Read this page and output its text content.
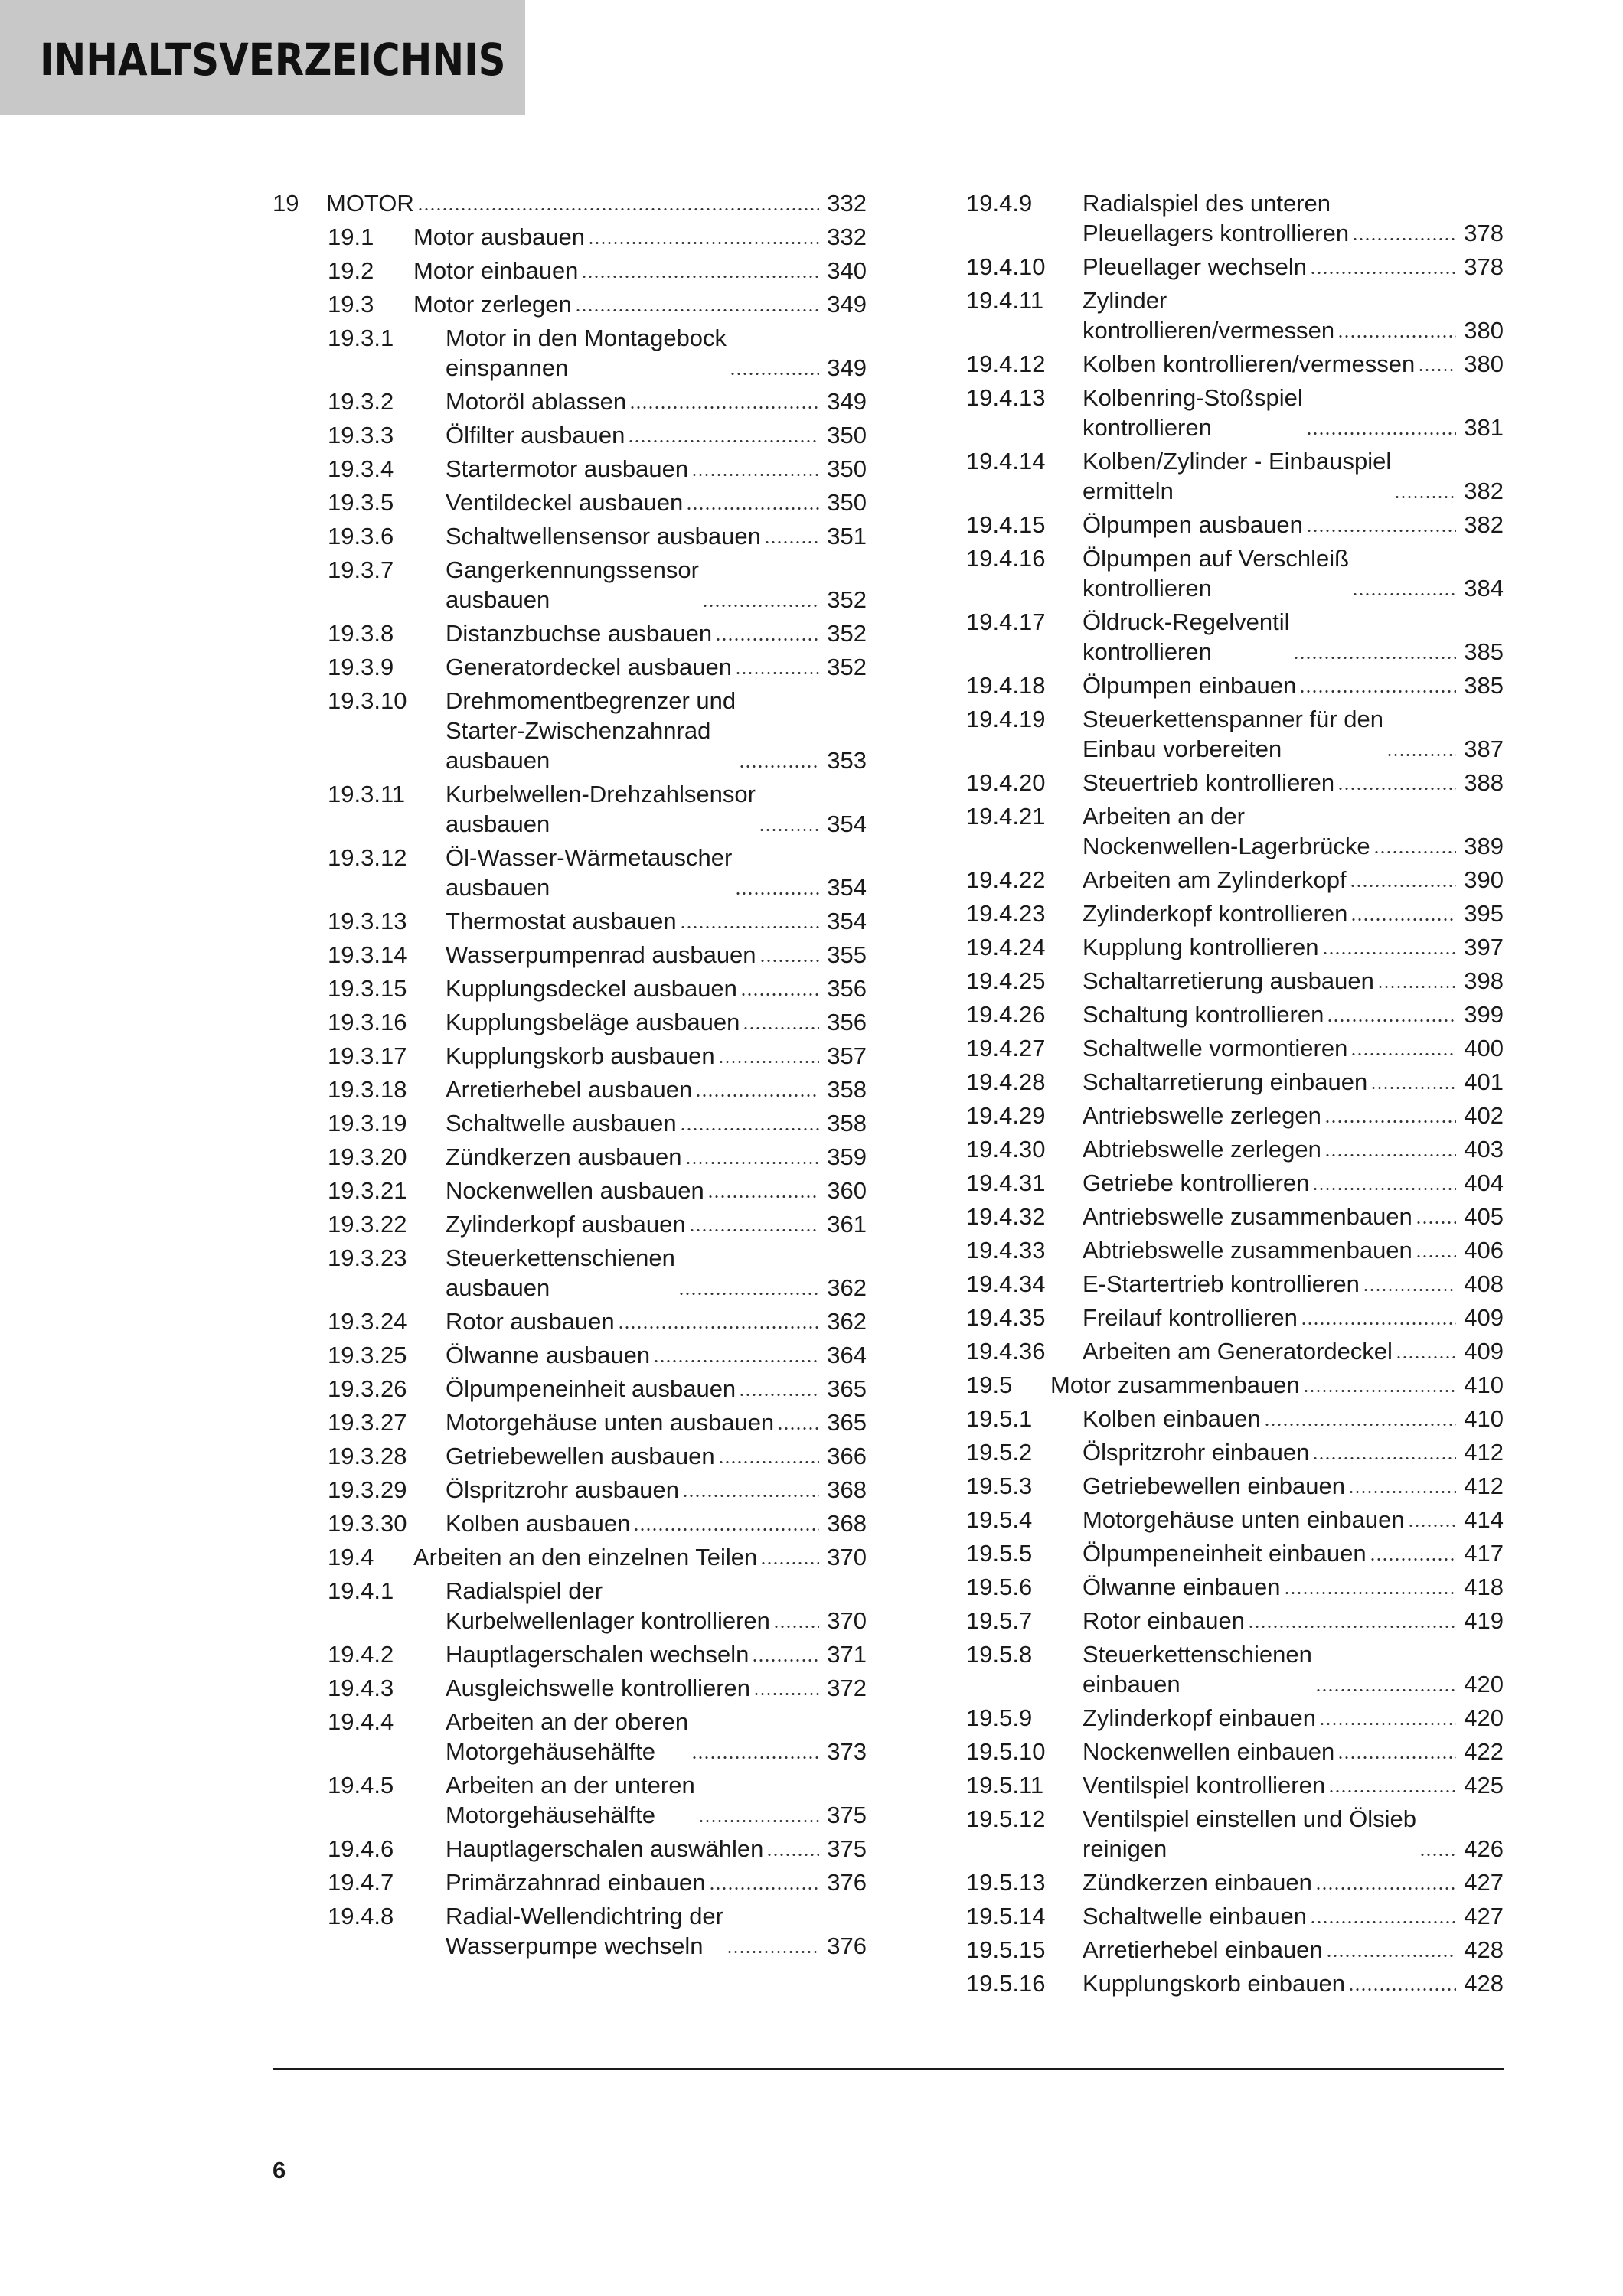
INHALTSVERZEICHNIS
19	MOTOR	332
19.1	Motor ausbauen	332
19.2	Motor einbauen	340
19.3	Motor zerlegen	349
19.3.1	Motor in den Montagebock
einspannen	349
19.3.2	Motoröl ablassen	349
19.3.3	Ölfilter ausbauen	350
19.3.4	Startermotor ausbauen	350
19.3.5	Ventildeckel ausbauen	350
19.3.6	Schaltwellensensor ausbauen	351
19.3.7	Gangerkennungssensor
ausbauen	352
19.3.8	Distanzbuchse ausbauen	352
19.3.9	Generatordeckel ausbauen	352
19.3.10	Drehmomentbegrenzer und
Starter-Zwischenzahnrad
ausbauen	353
19.3.11	Kurbelwellen-Drehzahlsensor
ausbauen	354
19.3.12	Öl-Wasser-Wärmetauscher
ausbauen	354
19.3.13	Thermostat ausbauen	354
19.3.14	Wasserpumpenrad ausbauen	355
19.3.15	Kupplungsdeckel ausbauen	356
19.3.16	Kupplungsbeläge ausbauen	356
19.3.17	Kupplungskorb ausbauen	357
19.3.18	Arretierhebel ausbauen	358
19.3.19	Schaltwelle ausbauen	358
19.3.20	Zündkerzen ausbauen	359
19.3.21	Nockenwellen ausbauen	360
19.3.22	Zylinderkopf ausbauen	361
19.3.23	Steuerkettenschienen
ausbauen	362
19.3.24	Rotor ausbauen	362
19.3.25	Ölwanne ausbauen	364
19.3.26	Ölpumpeneinheit ausbauen	365
19.3.27	Motorgehäuse unten ausbauen 365
19.3.28	Getriebewellen ausbauen	366
19.3.29	Ölspritzrohr ausbauen	368
19.3.30	Kolben ausbauen	368
19.4	Arbeiten an den einzelnen Teilen	370
19.4.1	Radialspiel der
Kurbelwellenlager kontrollieren 370
19.4.2	Hauptlagerschalen wechseln	371
19.4.3	Ausgleichswelle kontrollieren	372
19.4.4	Arbeiten an der oberen
Motorgehäusehälfte	373
19.4.5	Arbeiten an der unteren
Motorgehäusehälfte	375
19.4.6	Hauptlagerschalen auswählen	375
19.4.7	Primärzahnrad einbauen	376
19.4.8	Radial-Wellendichtring der
Wasserpumpe wechseln	376
19.4.9	Radialspiel des unteren
Pleuellagers kontrollieren	378
19.4.10	Pleuellager wechseln	378
19.4.11	Zylinder
kontrollieren/vermessen	380
19.4.12	Kolben kontrollieren/vermessen 380
19.4.13	Kolbenring-Stoßspiel
kontrollieren	381
19.4.14	Kolben/Zylinder - Einbauspiel
ermitteln	382
19.4.15	Ölpumpen ausbauen	382
19.4.16	Ölpumpen auf Verschleiß
kontrollieren	384
19.4.17	Öldruck-Regelventil
kontrollieren	385
19.4.18	Ölpumpen einbauen	385
19.4.19	Steuerkettenspanner für den
Einbau vorbereiten	387
19.4.20	Steuertrieb kontrollieren	388
19.4.21	Arbeiten an der
Nockenwellen-Lagerbrücke	389
19.4.22	Arbeiten am Zylinderkopf	390
19.4.23	Zylinderkopf kontrollieren	395
19.4.24	Kupplung kontrollieren	397
19.4.25	Schaltarretierung ausbauen	398
19.4.26	Schaltung kontrollieren	399
19.4.27	Schaltwelle vormontieren	400
19.4.28	Schaltarretierung einbauen	401
19.4.29	Antriebswelle zerlegen	402
19.4.30	Abtriebswelle zerlegen	403
19.4.31	Getriebe kontrollieren	404
19.4.32	Antriebswelle zusammenbauen 405
19.4.33	Abtriebswelle zusammenbauen 406
19.4.34	E-Startertrieb kontrollieren	408
19.4.35	Freilauf kontrollieren	409
19.4.36	Arbeiten am Generatordeckel	409
19.5	Motor zusammenbauen	410
19.5.1	Kolben einbauen	410
19.5.2	Ölspritzrohr einbauen	412
19.5.3	Getriebewellen einbauen	412
19.5.4	Motorgehäuse unten einbauen	414
19.5.5	Ölpumpeneinheit einbauen	417
19.5.6	Ölwanne einbauen	418
19.5.7	Rotor einbauen	419
19.5.8	Steuerkettenschienen
einbauen	420
19.5.9	Zylinderkopf einbauen	420
19.5.10	Nockenwellen einbauen	422
19.5.11	Ventilspiel kontrollieren	425
19.5.12	Ventilspiel einstellen und Ölsieb
reinigen	426
19.5.13	Zündkerzen einbauen	427
19.5.14	Schaltwelle einbauen	427
19.5.15	Arretierhebel einbauen	428
19.5.16	Kupplungskorb einbauen	428
6
